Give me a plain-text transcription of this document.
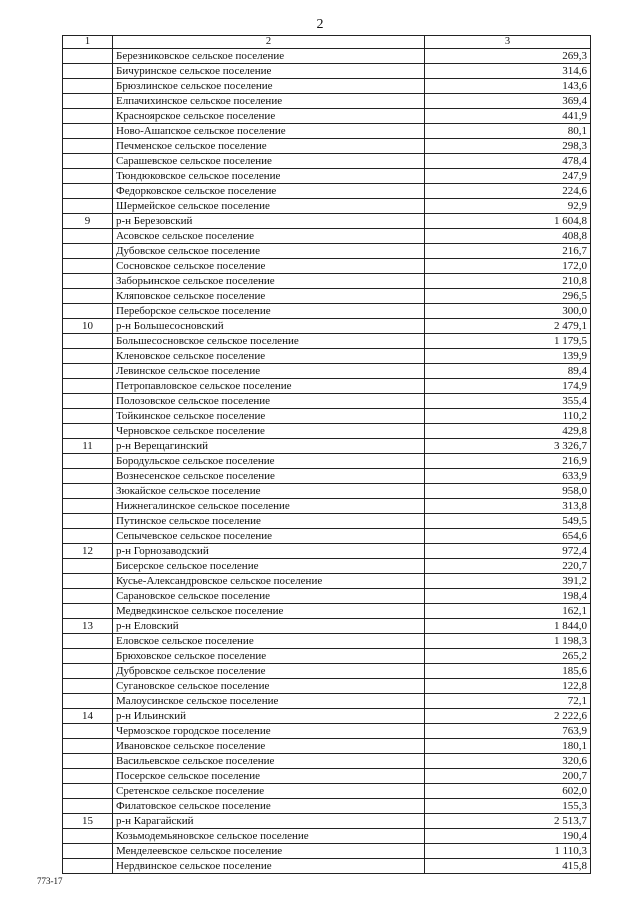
2
1	2	3
	Березниковское сельское поселение	269,3
	Бичуринское сельское поселение	314,6
	Брюзлинское сельское поселение	143,6
	Елпачихинское сельское поселение	369,4
	Красноярское сельское поселение	441,9
	Ново-Ашапское сельское поселение	80,1
	Печменское сельское поселение	298,3
	Сарашевское сельское поселение	478,4
	Тюндюковское сельское поселение	247,9
	Федорковское сельское поселение	224,6
	Шермейское сельское поселение	92,9
9	р-н Березовский	1 604,8
	Асовское сельское поселение	408,8
	Дубовское сельское поселение	216,7
	Сосновское сельское поселение	172,0
	Заборьинское сельское поселение	210,8
	Кляповское сельское поселение	296,5
	Переборское сельское поселение	300,0
10	р-н Большесосновский	2 479,1
	Большесосновское сельское поселение	1 179,5
	Кленовское сельское поселение	139,9
	Левинское сельское поселение	89,4
	Петропавловское сельское поселение	174,9
	Полозовское сельское поселение	355,4
	Тойкинское сельское поселение	110,2
	Черновское сельское поселение	429,8
11	р-н Верещагинский	3 326,7
	Бородульское сельское поселение	216,9
	Вознесенское сельское поселение	633,9
	Зюкайское сельское поселение	958,0
	Нижнегалинское сельское поселение	313,8
	Путинское сельское поселение	549,5
	Сепычевское сельское поселение	654,6
12	р-н Горнозаводский	972,4
	Бисерское сельское поселение	220,7
	Кусье-Александровское сельское поселение	391,2
	Сарановское сельское поселение	198,4
	Медведкинское сельское поселение	162,1
13	р-н Еловский	1 844,0
	Еловское сельское поселение	1 198,3
	Брюховское сельское поселение	265,2
	Дубровское сельское поселение	185,6
	Сугановское сельское поселение	122,8
	Малоусинское сельское поселение	72,1
14	р-н Ильинский	2 222,6
	Чермозское городское поселение	763,9
	Ивановское сельское поселение	180,1
	Васильевское сельское поселение	320,6
	Посерское сельское поселение	200,7
	Сретенское сельское поселение	602,0
	Филатовское сельское поселение	155,3
15	р-н Карагайский	2 513,7
	Козьмодемьяновское сельское поселение	190,4
	Менделеевское сельское поселение	1 110,3
	Нердвинское сельское поселение	415,8
773-17
